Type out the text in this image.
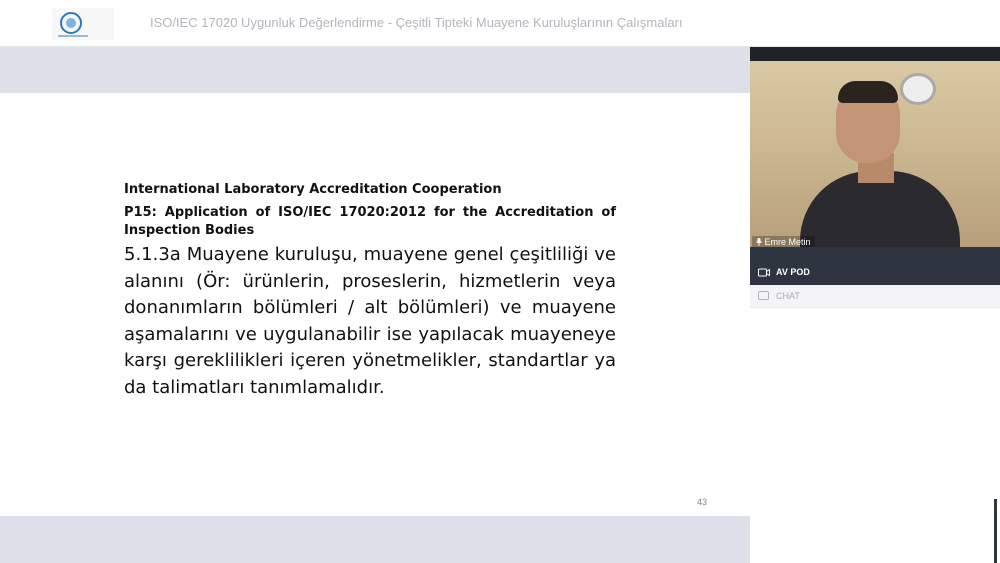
ISO/IEC 17020 Uygunluk Değerlendirme - Çeşitli Tipteki Muayene Kuruluşlarının Çalışmaları
International Laboratory Accreditation Cooperation
P15: Application of ISO/IEC 17020:2012 for the Accreditation of Inspection Bodies
5.1.3a Muayene kuruluşu, muayene genel çeşitliliği ve alanını (Ör: ürünlerin, proseslerin, hizmetlerin veya donanımların bölümleri / alt bölümleri) ve muayene aşamalarını ve uygulanabilir ise yapılacak muayeneye karşı gereklilikleri içeren yönetmelikler, standartlar ya da talimatları tanımlamalıdır.
43
Emre Metin
AV POD
CHAT
